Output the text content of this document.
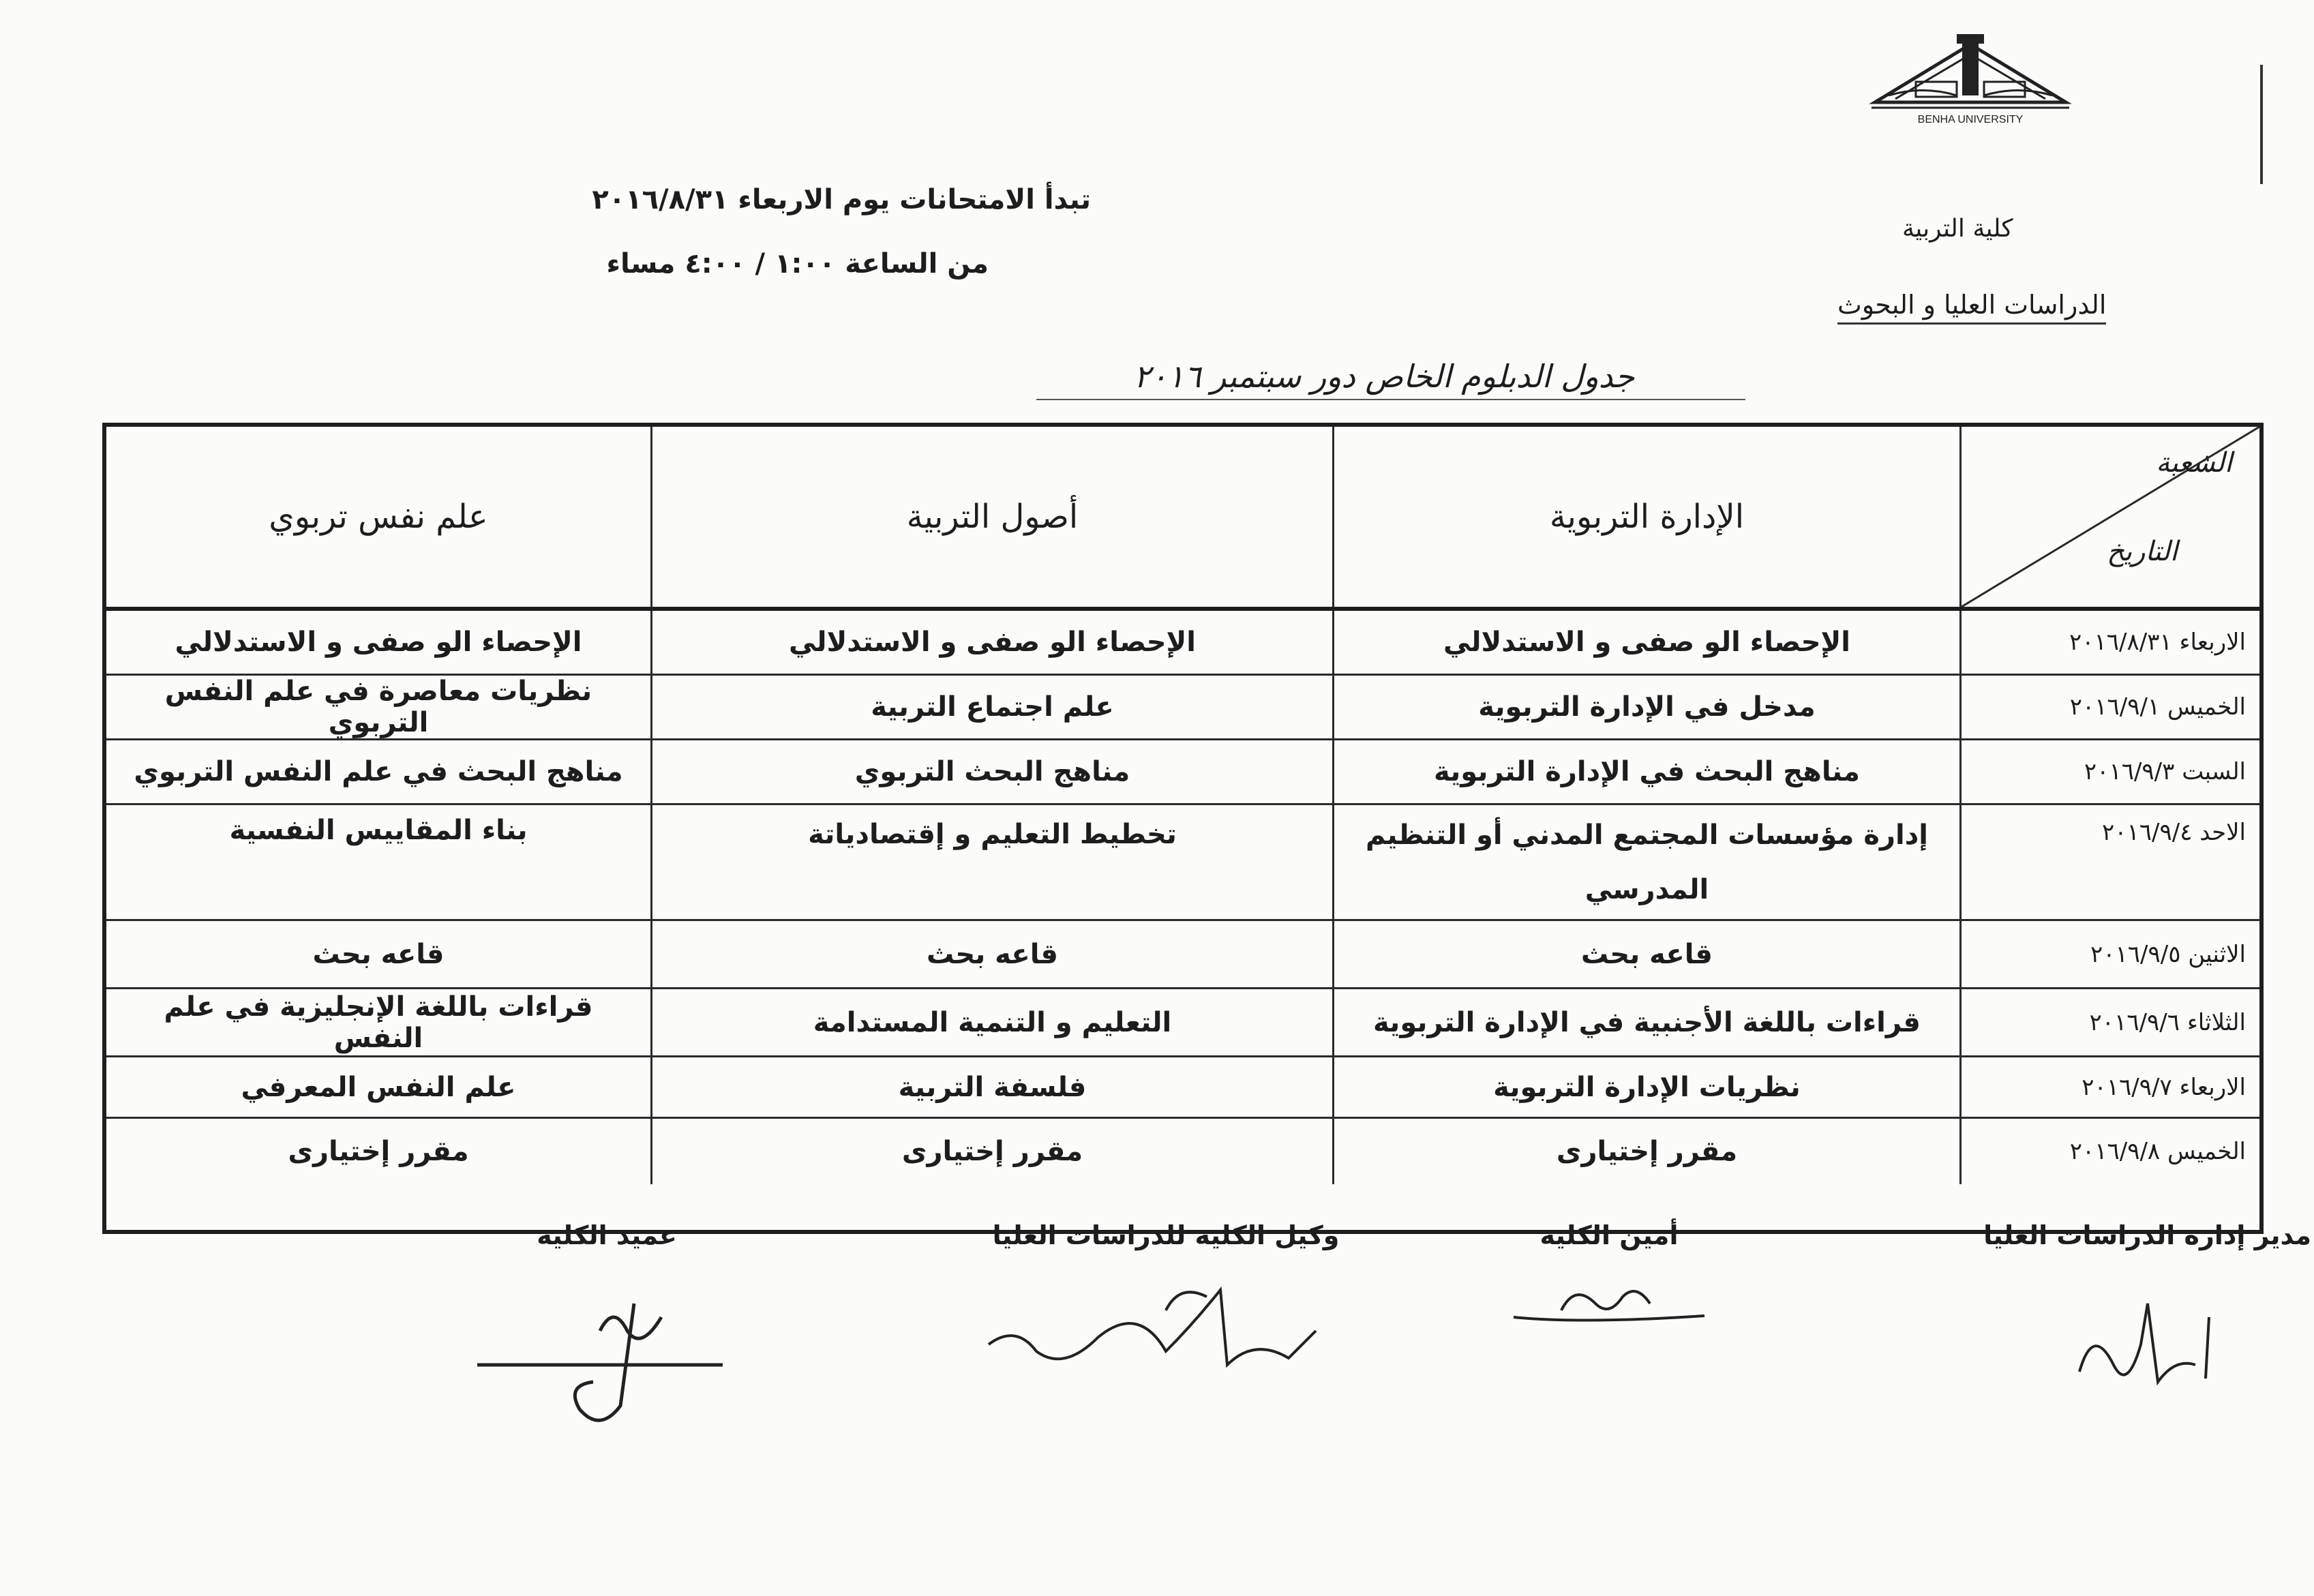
BENHA UNIVERSITY
كلية التربية
الدراسات العليا و البحوث
تبدأ الامتحانات يوم الاربعاء ٢٠١٦/٨/٣١
من الساعة ١:٠٠ / ٤:٠٠ مساء
جدول الدبلوم الخاص دور سبتمبر ٢٠١٦
الشعبة
التاريخ
الإدارة التربوية
أصول التربية
علم نفس تربوي
الاربعاء ٢٠١٦/٨/٣١
الإحصاء الو صفى و الاستدلالي
الإحصاء الو صفى و الاستدلالي
الإحصاء الو صفى و الاستدلالي
الخميس ٢٠١٦/٩/١
مدخل في الإدارة التربوية
علم اجتماع التربية
نظريات معاصرة في علم النفس التربوي
السبت ٢٠١٦/٩/٣
مناهج البحث في الإدارة التربوية
مناهج البحث التربوي
مناهج البحث في علم النفس التربوي
الاحد ٢٠١٦/٩/٤
إدارة مؤسسات المجتمع المدني أو التنظيم المدرسي
تخطيط التعليم و إقتصادياتة
بناء المقاييس النفسية
الاثنين ٢٠١٦/٩/٥
قاعه بحث
قاعه بحث
قاعه بحث
الثلاثاء ٢٠١٦/٩/٦
قراءات باللغة الأجنبية في الإدارة التربوية
التعليم و التنمية المستدامة
قراءات باللغة الإنجليزية في علم النفس
الاربعاء ٢٠١٦/٩/٧
نظريات الإدارة التربوية
فلسفة التربية
علم النفس المعرفي
الخميس ٢٠١٦/٩/٨
مقرر إختيارى
مقرر إختيارى
مقرر إختيارى
مدير إدارة الدراسات العليا
أمين الكلية
وكيل الكلية للدراسات العليا
عميد الكلية
